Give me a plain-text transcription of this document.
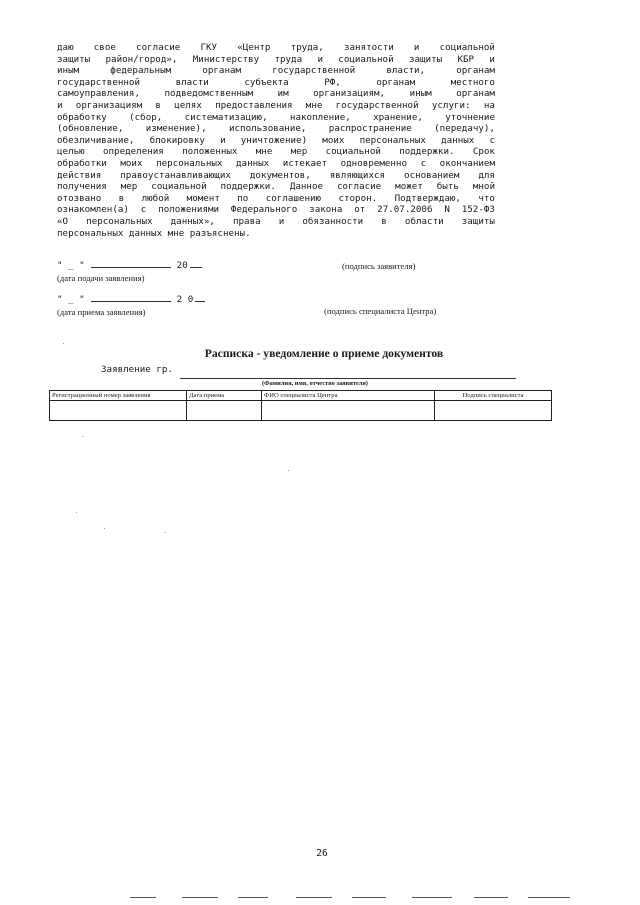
даю свое согласие ГКУ «Центр труда, занятости и социальной
защиты район/город», Министерству труда и социальной защиты КБР и
иным	федеральным	органам	государственной	власти,	органам
государственной	власти	субъекта	РФ,	органам	местного
самоуправления,	подведомственным	им	организациям,	иным	органам
и организациям в целях предоставления мне государственной услуги: на
обработку (сбор, систематизацию, накопление, хранение, уточнение
(обновление, изменение), использование, распространение (передачу),
обезличивание, блокировку и уничтожение) моих персональных данных с
целью определения положенных мне мер социальной поддержки. Срок
обработки моих персональных данных истекает одновременно с окончанием
действия правоустанавливающих документов, являющихся основанием для
получения мер социальной поддержки. Данное согласие может быть мной
отозвано в любой момент по соглашению сторон. Подтверждаю, что
ознакомлен(а) с положениями Федерального закона от 27.07.2006 N 152-ФЗ
«О персональных данных», права и обязанности в области защиты
персональных данных мне разъяснены.
" _ "	20
(дата подачи заявления)
(подпись заявителя)
" _ "	2 0
(дата приема заявления)	(подпись специалиста Центра)
Расписка - уведомление о приеме документов
Заявление гр.
(Фамилия, имя, отчество заявителя)
Регистрационный номер заявления	Дата приема	ФИО специалиста Центра	Подпись специалиста

26
